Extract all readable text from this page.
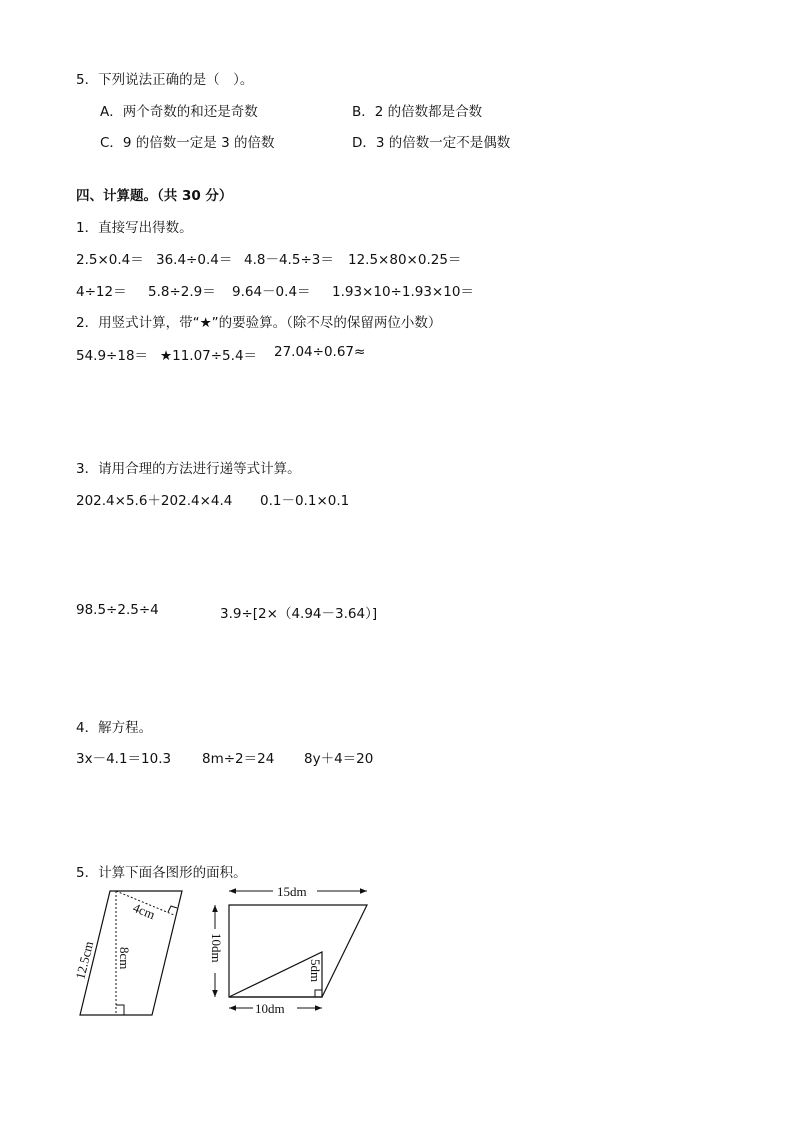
5．下列说法正确的是（　）。
A．两个奇数的和还是奇数	B．2 的倍数都是合数
C．9 的倍数一定是 3 的倍数	D．3 的倍数一定不是偶数
四、计算题。（共 30 分）
1．直接写出得数。
2.5×0.4＝ 36.4÷0.4＝ 4.8－4.5÷3＝ 12.5×80×0.25＝
4÷12＝ 5.8÷2.9＝ 9.64－0.4＝ 1.93×10÷1.93×10＝
2．用竖式计算，带“★”的要验算。（除不尽的保留两位小数）
54.9÷18＝ ★11.07÷5.4＝ 27.04÷0.67≈
3．请用合理的方法进行递等式计算。
202.4×5.6＋202.4×4.4 0.1－0.1×0.1
98.5÷2.5÷4	3.9÷[2×（4.94－3.64）]
4．解方程。
3x－4.1＝10.3 8m÷2＝24 8y＋4＝20
5．计算下面各图形的面积。
4cm
8cm
12.5cm
15dm
10dm
10dm
5dm
